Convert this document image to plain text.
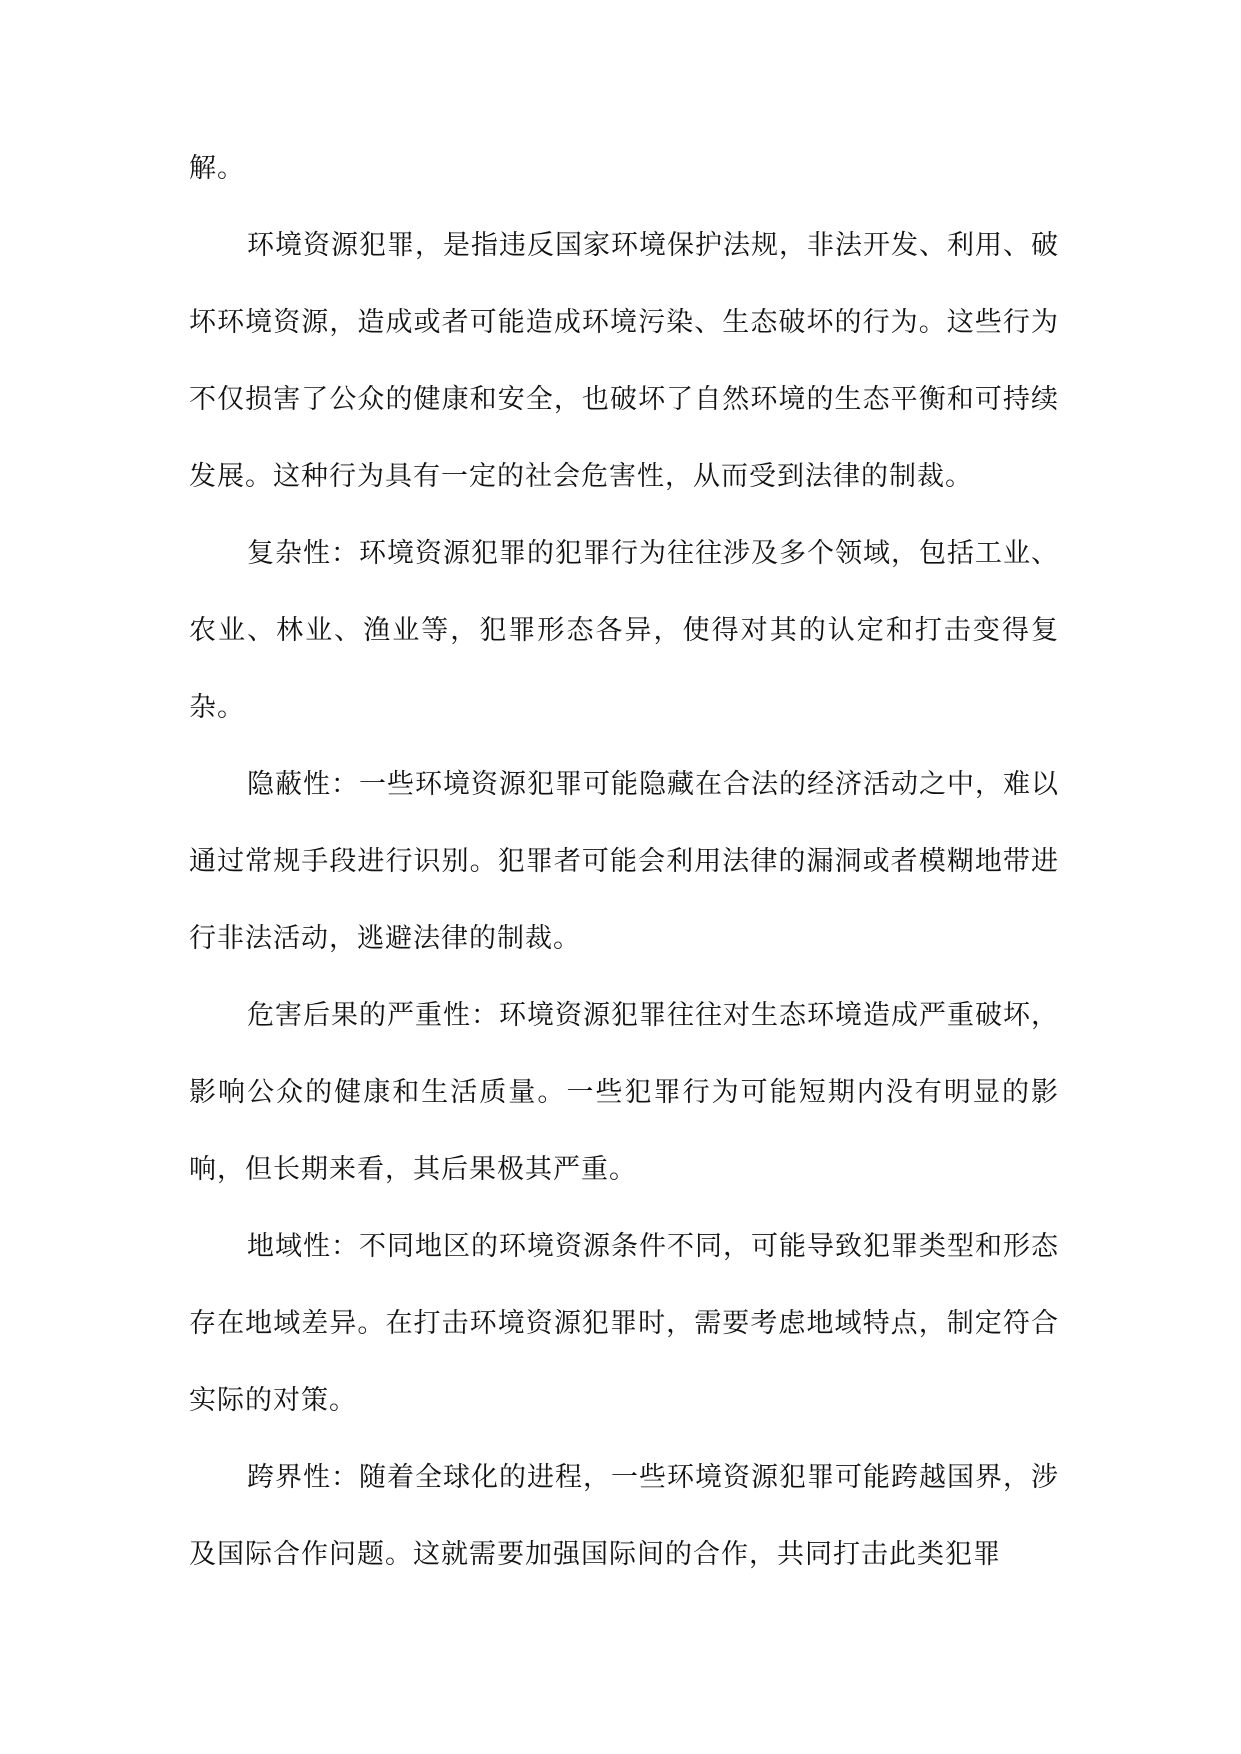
解。

环境资源犯罪，是指违反国家环境保护法规，非法开发、利用、破坏环境资源，造成或者可能造成环境污染、生态破坏的行为。这些行为不仅损害了公众的健康和安全，也破坏了自然环境的生态平衡和可持续发展。这种行为具有一定的社会危害性，从而受到法律的制裁。

复杂性：环境资源犯罪的犯罪行为往往涉及多个领域，包括工业、农业、林业、渔业等，犯罪形态各异，使得对其的认定和打击变得复杂。

隐蔽性：一些环境资源犯罪可能隐藏在合法的经济活动之中，难以通过常规手段进行识别。犯罪者可能会利用法律的漏洞或者模糊地带进行非法活动，逃避法律的制裁。

危害后果的严重性：环境资源犯罪往往对生态环境造成严重破坏，影响公众的健康和生活质量。一些犯罪行为可能短期内没有明显的影响，但长期来看，其后果极其严重。

地域性：不同地区的环境资源条件不同，可能导致犯罪类型和形态存在地域差异。在打击环境资源犯罪时，需要考虑地域特点，制定符合实际的对策。

跨界性：随着全球化的进程，一些环境资源犯罪可能跨越国界，涉及国际合作问题。这就需要加强国际间的合作，共同打击此类犯罪
